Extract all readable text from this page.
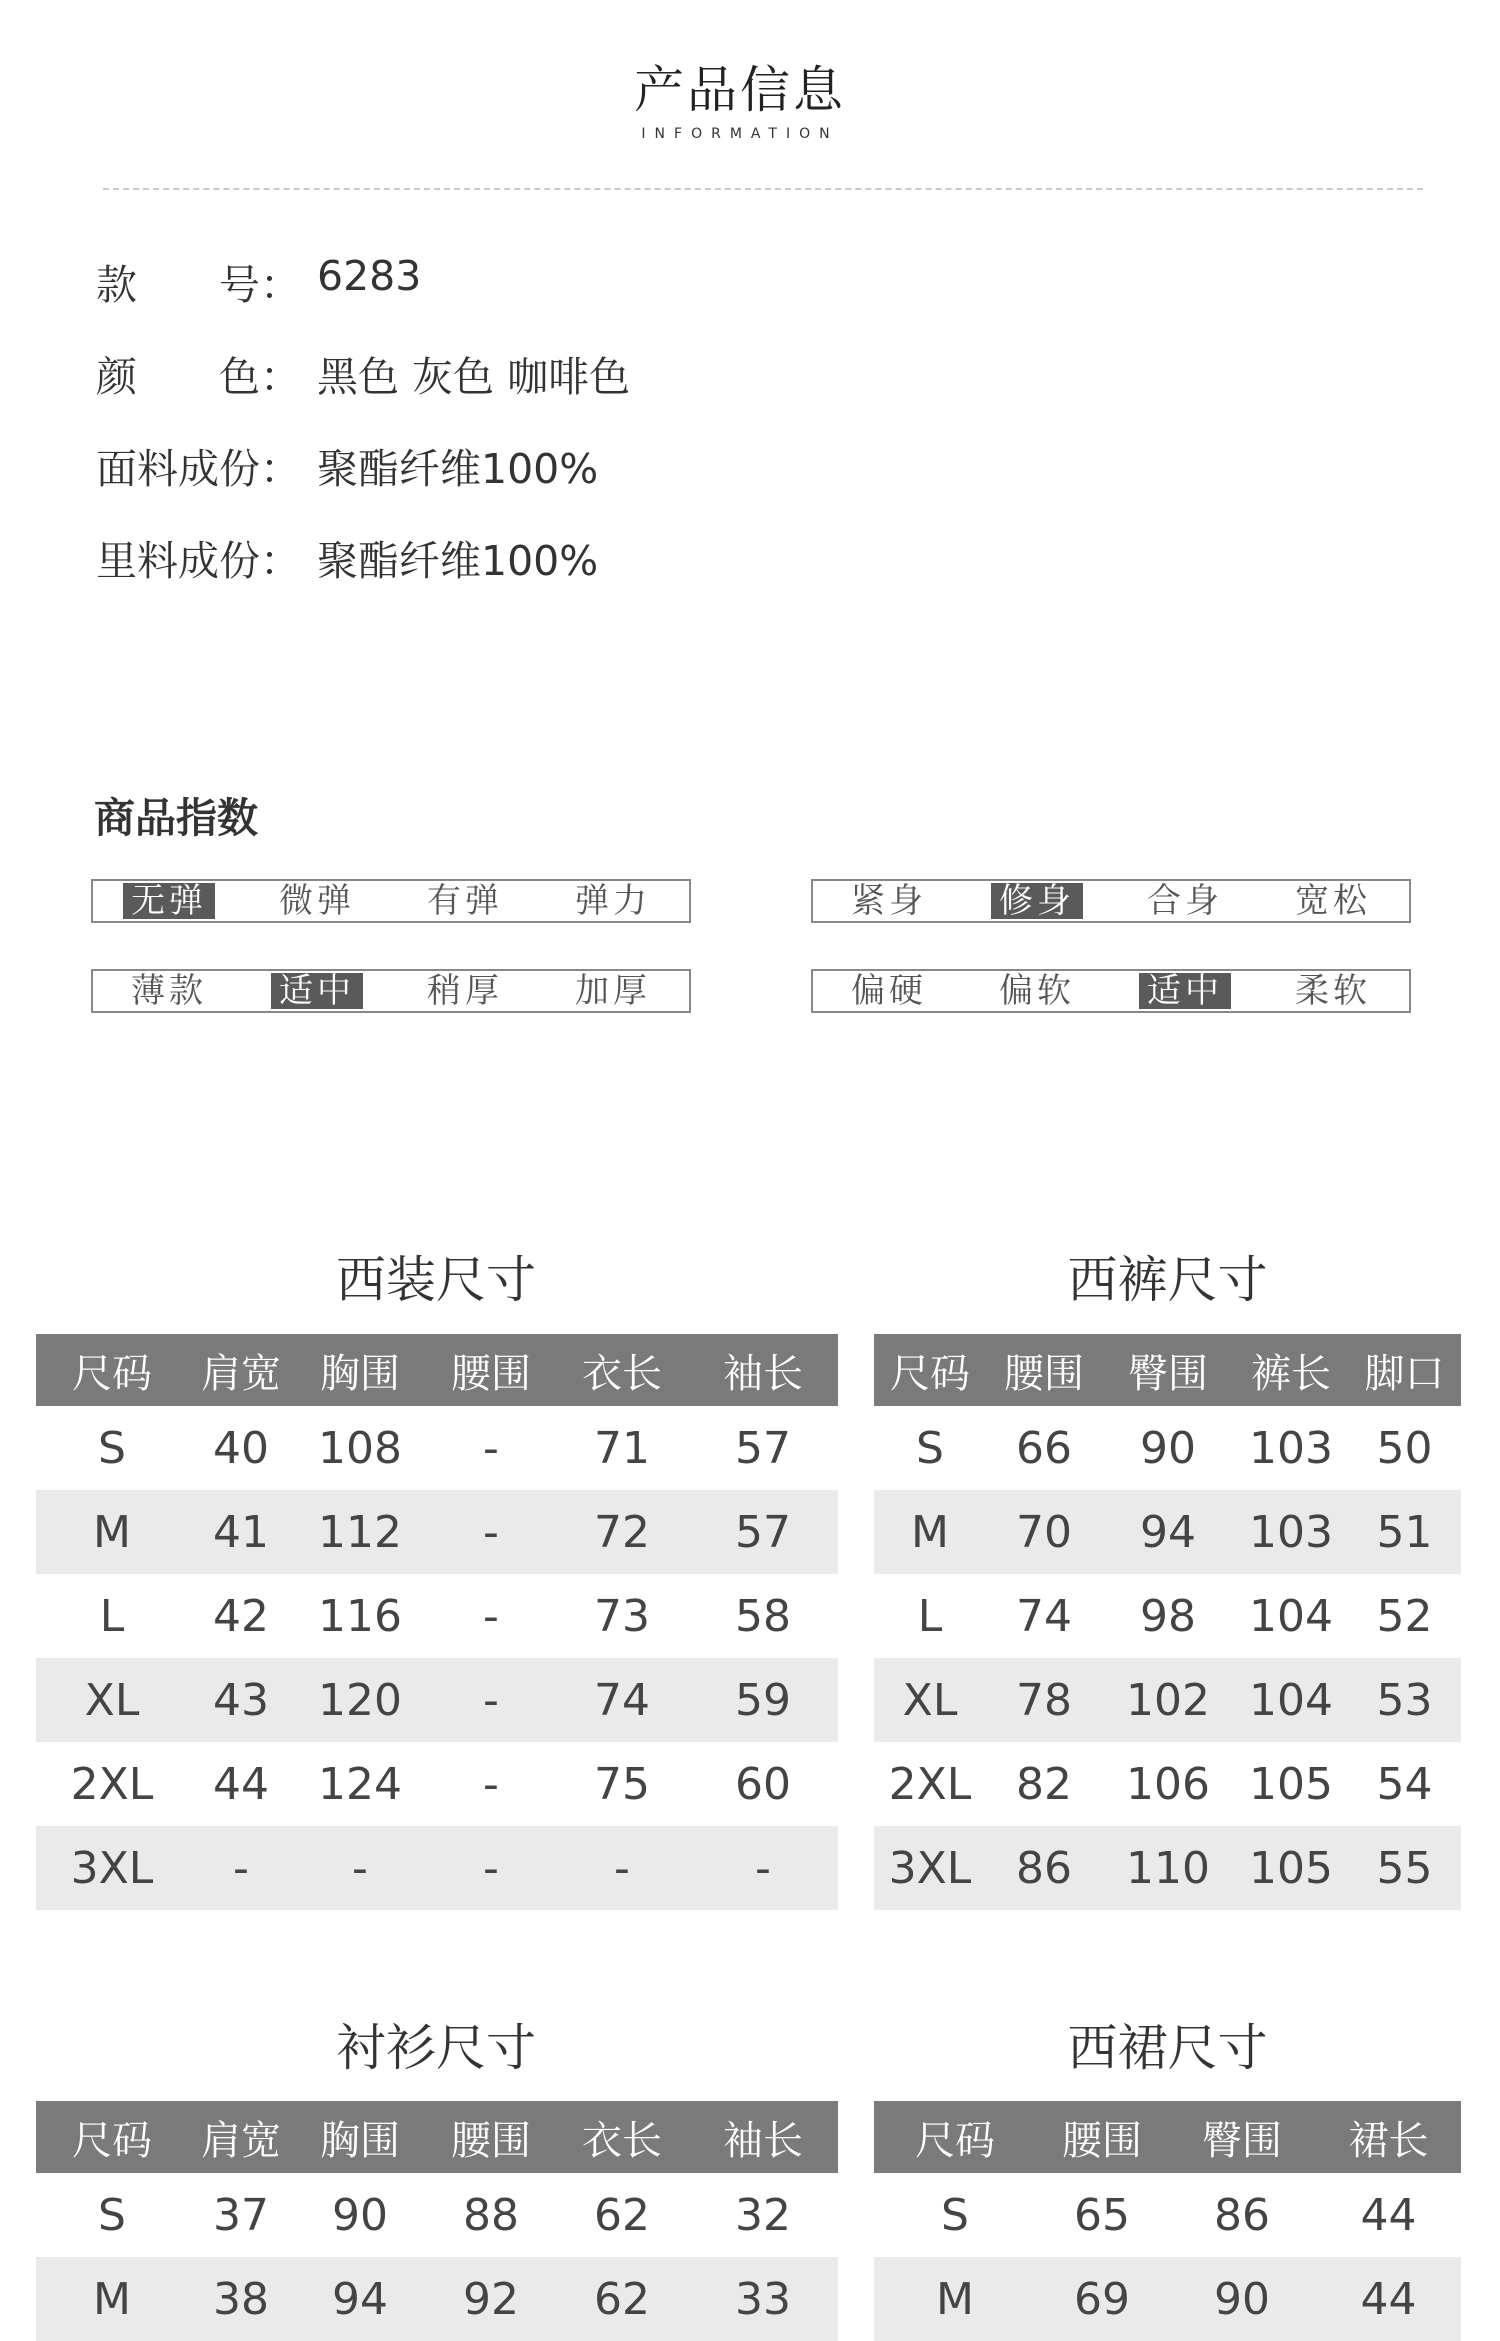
产品信息
INFORMATION
款　　号： 6283
颜　　色： 黑色 灰色 咖啡色
面料成份： 聚酯纤维100%
里料成份： 聚酯纤维100%
商品指数
无弹 微弹 有弹 弹力	紧身 修身 合身 宽松
薄款 适中 稍厚 加厚	偏硬 偏软 适中 柔软
西装尺寸
尺码	肩宽	胸围	腰围	衣长	袖长
S	40	108	-	71	57
M	41	112	-	72	57
L	42	116	-	73	58
XL	43	120	-	74	59
2XL	44	124	-	75	60
3XL	-	-	-	-	-
西裤尺寸
尺码	腰围	臀围	裤长	脚口
S	66	90	103	50
M	70	94	103	51
L	74	98	104	52
XL	78	102	104	53
2XL	82	106	105	54
3XL	86	110	105	55
衬衫尺寸
尺码	肩宽	胸围	腰围	衣长	袖长
S	37	90	88	62	32
M	38	94	92	62	33
西裙尺寸
尺码	腰围	臀围	裙长
S	65	86	44
M	69	90	44
